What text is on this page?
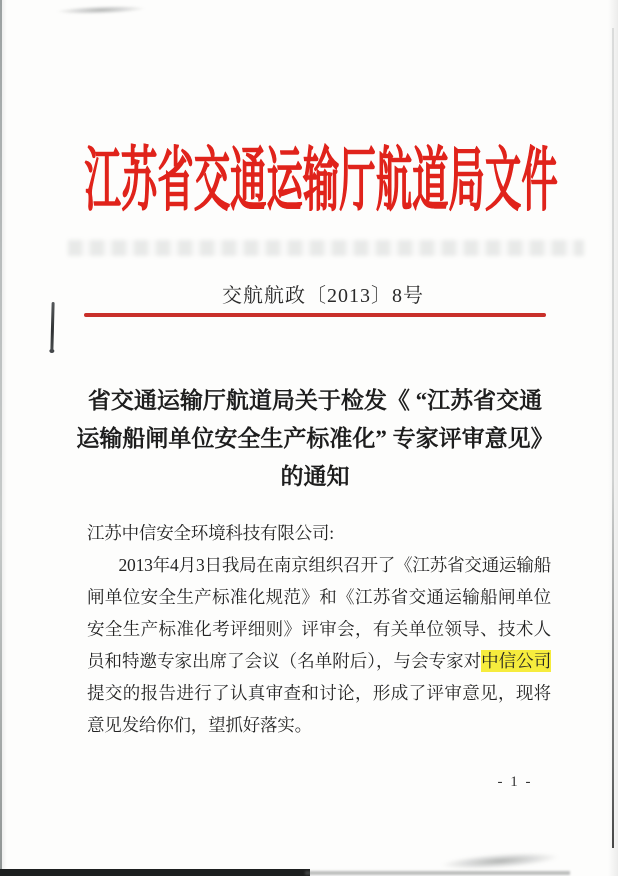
江苏省交通运输厅航道局文件
交航航政〔2013〕8号
省交通运输厅航道局关于检发《 “江苏省交通
运输船闸单位安全生产标准化” 专家评审意见》
的通知
江苏中信安全环境科技有限公司:
2013年4月3日我局在南京组织召开了《江苏省交通运输船闸单位安全生产标准化规范》和《江苏省交通运输船闸单位安全生产标准化考评细则》评审会，有关单位领导、技术人员和特邀专家出席了会议（名单附后），与会专家对中信公司提交的报告进行了认真审查和讨论，形成了评审意见，现将意见发给你们，望抓好落实。
- 1 -
